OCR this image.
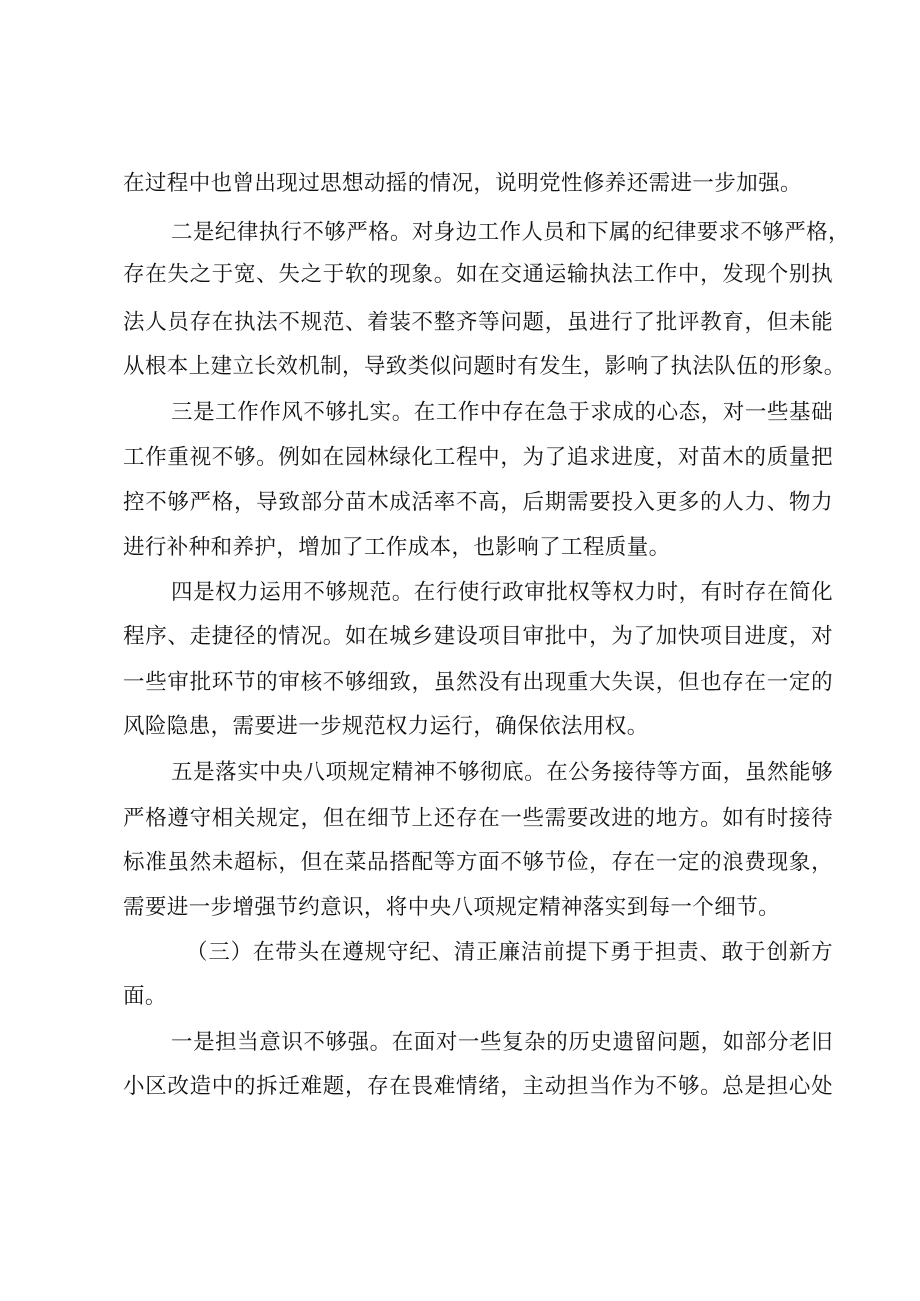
在过程中也曾出现过思想动摇的情况，说明党性修养还需进一步加强。
二是纪律执行不够严格。对身边工作人员和下属的纪律要求不够严格，
存在失之于宽、失之于软的现象。如在交通运输执法工作中，发现个别执
法人员存在执法不规范、着装不整齐等问题，虽进行了批评教育，但未能
从根本上建立长效机制，导致类似问题时有发生，影响了执法队伍的形象。
三是工作作风不够扎实。在工作中存在急于求成的心态，对一些基础
工作重视不够。例如在园林绿化工程中，为了追求进度，对苗木的质量把
控不够严格，导致部分苗木成活率不高，后期需要投入更多的人力、物力
进行补种和养护，增加了工作成本，也影响了工程质量。
四是权力运用不够规范。在行使行政审批权等权力时，有时存在简化
程序、走捷径的情况。如在城乡建设项目审批中，为了加快项目进度，对
一些审批环节的审核不够细致，虽然没有出现重大失误，但也存在一定的
风险隐患，需要进一步规范权力运行，确保依法用权。
五是落实中央八项规定精神不够彻底。在公务接待等方面，虽然能够
严格遵守相关规定，但在细节上还存在一些需要改进的地方。如有时接待
标准虽然未超标，但在菜品搭配等方面不够节俭，存在一定的浪费现象，
需要进一步增强节约意识，将中央八项规定精神落实到每一个细节。
（三）在带头在遵规守纪、清正廉洁前提下勇于担责、敢于创新方
面。
一是担当意识不够强。在面对一些复杂的历史遗留问题，如部分老旧
小区改造中的拆迁难题，存在畏难情绪，主动担当作为不够。总是担心处
